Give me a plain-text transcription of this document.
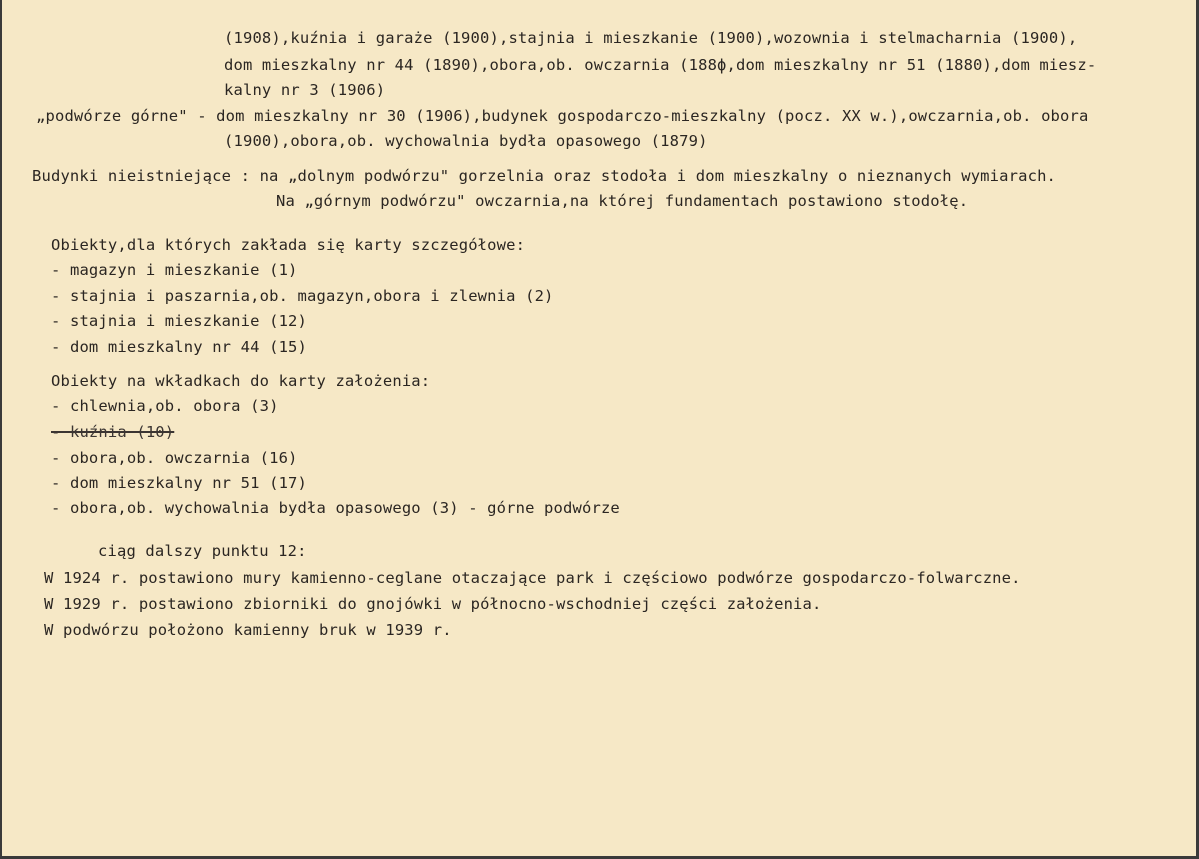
(1908),kuźnia i garaże (1900),stajnia i mieszkanie (1900),wozownia i stelmacharnia (1900),
dom mieszkalny nr 44 (1890),obora,ob. owczarnia (188ϕ,dom mieszkalny nr 51 (1880),dom miesz-
kalny nr 3 (1906)
„podwórze górne" - dom mieszkalny nr 30 (1906),budynek gospodarczo-mieszkalny (pocz. XX w.),owczarnia,ob. obora
(1900),obora,ob. wychowalnia bydła opasowego (1879)
Budynki nieistniejące : na „dolnym podwórzu" gorzelnia oraz stodoła i dom mieszkalny o nieznanych wymiarach.
Na „górnym podwórzu" owczarnia,na której fundamentach postawiono stodołę.
Obiekty,dla których zakłada się karty szczegółowe:
- magazyn i mieszkanie (1)
- stajnia i paszarnia,ob. magazyn,obora i zlewnia (2)
- stajnia i mieszkanie (12)
- dom mieszkalny nr 44 (15)
Obiekty na wkładkach do karty założenia:
- chlewnia,ob. obora (3)
- kuźnia (10)
- obora,ob. owczarnia (16)
- dom mieszkalny nr 51 (17)
- obora,ob. wychowalnia bydła opasowego (3) - górne podwórze
ciąg dalszy punktu 12:
W 1924 r. postawiono mury kamienno-ceglane otaczające park i częściowo podwórze gospodarczo-folwarczne.
W 1929 r. postawiono zbiorniki do gnojówki w północno-wschodniej części założenia.
W podwórzu położono kamienny bruk w 1939 r.
